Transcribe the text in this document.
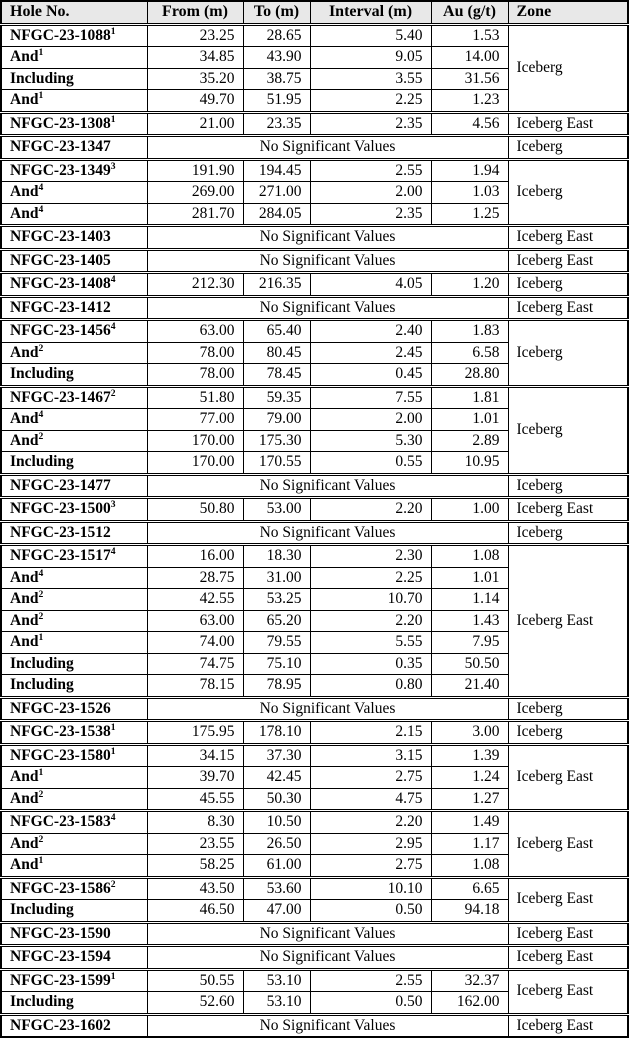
Hole No.	From (m)	To (m)	Interval (m)	Au (g/t)	Zone
NFGC-23-1088$^1$	23.25	28.65	5.40	1.53	Iceberg
And$^1$	34.85	43.90	9.05	14.00	
Including	35.20	38.75	3.55	31.56	
And$^1$	49.70	51.95	2.25	1.23	
NFGC-23-1308$^1$	21.00	23.35	2.35	4.56	Iceberg East
NFGC-23-1347	No Significant Values				Iceberg
NFGC-23-1349$^3$	191.90	194.45	2.55	1.94	Iceberg
And$^4$	269.00	271.00	2.00	1.03	
And$^4$	281.70	284.05	2.35	1.25	
NFGC-23-1403	No Significant Values				Iceberg East
NFGC-23-1405	No Significant Values				Iceberg East
NFGC-23-1408$^4$	212.30	216.35	4.05	1.20	Iceberg
NFGC-23-1412	No Significant Values				Iceberg East
NFGC-23-1456$^4$	63.00	65.40	2.40	1.83	Iceberg
And$^2$	78.00	80.45	2.45	6.58	
Including	78.00	78.45	0.45	28.80	
NFGC-23-1467$^2$	51.80	59.35	7.55	1.81	Iceberg
And$^4$	77.00	79.00	2.00	1.01	
And$^2$	170.00	175.30	5.30	2.89	
Including	170.00	170.55	0.55	10.95	
NFGC-23-1477	No Significant Values				Iceberg
NFGC-23-1500$^3$	50.80	53.00	2.20	1.00	Iceberg East
NFGC-23-1512	No Significant Values				Iceberg
NFGC-23-1517$^4$	16.00	18.30	2.30	1.08	Iceberg East
And$^4$	28.75	31.00	2.25	1.01	
And$^2$	42.55	53.25	10.70	1.14	
And$^2$	63.00	65.20	2.20	1.43	
And$^1$	74.00	79.55	5.55	7.95	
Including	74.75	75.10	0.35	50.50	
Including	78.15	78.95	0.80	21.40	
NFGC-23-1526	No Significant Values				Iceberg
NFGC-23-1538$^1$	175.95	178.10	2.15	3.00	Iceberg
NFGC-23-1580$^1$	34.15	37.30	3.15	1.39	Iceberg East
And$^1$	39.70	42.45	2.75	1.24	
And$^2$	45.55	50.30	4.75	1.27	
NFGC-23-1583$^4$	8.30	10.50	2.20	1.49	Iceberg East
And$^2$	23.55	26.50	2.95	1.17	
And$^1$	58.25	61.00	2.75	1.08	
NFGC-23-1586$^2$	43.50	53.60	10.10	6.65	Iceberg East
Including	46.50	47.00	0.50	94.18	
NFGC-23-1590	No Significant Values				Iceberg East
NFGC-23-1594	No Significant Values				Iceberg East
NFGC-23-1599$^1$	50.55	53.10	2.55	32.37	Iceberg East
Including	52.60	53.10	0.50	162.00	
NFGC-23-1602	No Significant Values				Iceberg East
